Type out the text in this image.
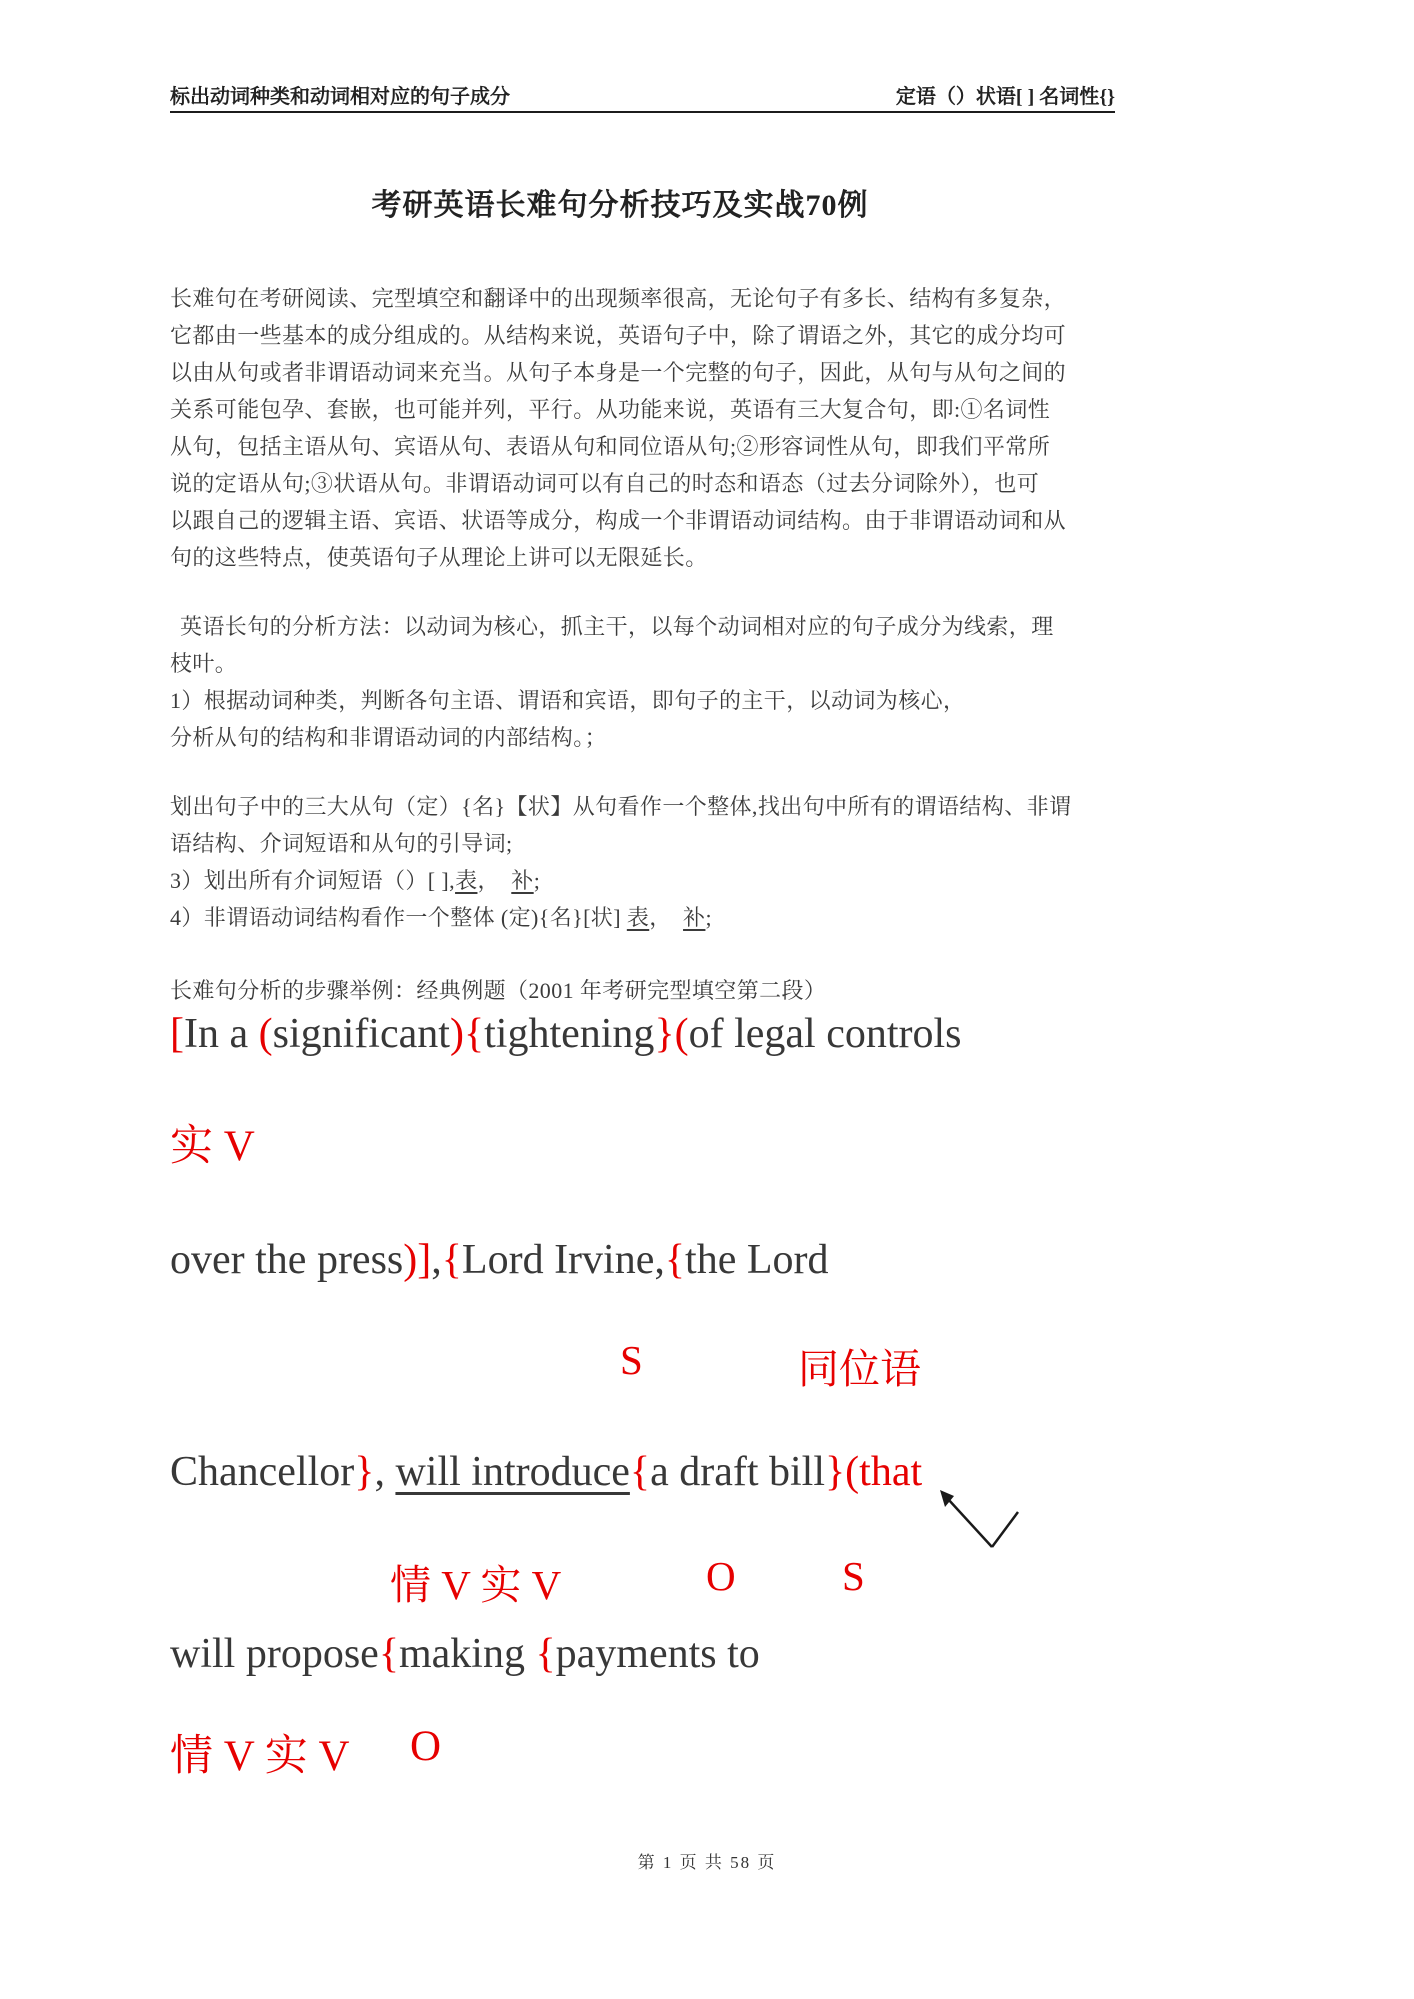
标出动词种类和动词相对应的句子成分	定语（）状语[ ] 名词性{}
考研英语长难句分析技巧及实战70例
长难句在考研阅读、完型填空和翻译中的出现频率很高，无论句子有多长、结构有多复杂，
它都由一些基本的成分组成的。从结构来说，英语句子中，除了谓语之外，其它的成分均可
以由从句或者非谓语动词来充当。从句子本身是一个完整的句子，因此，从句与从句之间的
关系可能包孕、套嵌，也可能并列，平行。从功能来说，英语有三大复合句，即:①名词性
从句，包括主语从句、宾语从句、表语从句和同位语从句;②形容词性从句，即我们平常所
说的定语从句;③状语从句。非谓语动词可以有自己的时态和语态（过去分词除外），也可
以跟自己的逻辑主语、宾语、状语等成分，构成一个非谓语动词结构。由于非谓语动词和从
句的这些特点，使英语句子从理论上讲可以无限延长。
英语长句的分析方法：以动词为核心，抓主干，以每个动词相对应的句子成分为线索，理
枝叶。
1）根据动词种类，判断各句主语、谓语和宾语，即句子的主干，以动词为核心，
分析从句的结构和非谓语动词的内部结构。；
划出句子中的三大从句（定）{名}【状】从句看作一个整体,找出句中所有的谓语结构、非谓
语结构、介词短语和从句的引导词;
3）划出所有介词短语（）[ ],表，　补;
4）非谓语动词结构看作一个整体 (定){名}[状] 表，　补;
长难句分析的步骤举例：经典例题（2001 年考研完型填空第二段）
[In a (significant){tightening}(of legal controls
实 V
over the press)],{Lord Irvine,{the Lord
S	同位语
Chancellor}, will introduce{a draft bill}(that
情 V 实 V	O	S
will propose{making {payments to
情 V 实 V O
第 1 页 共 58 页
